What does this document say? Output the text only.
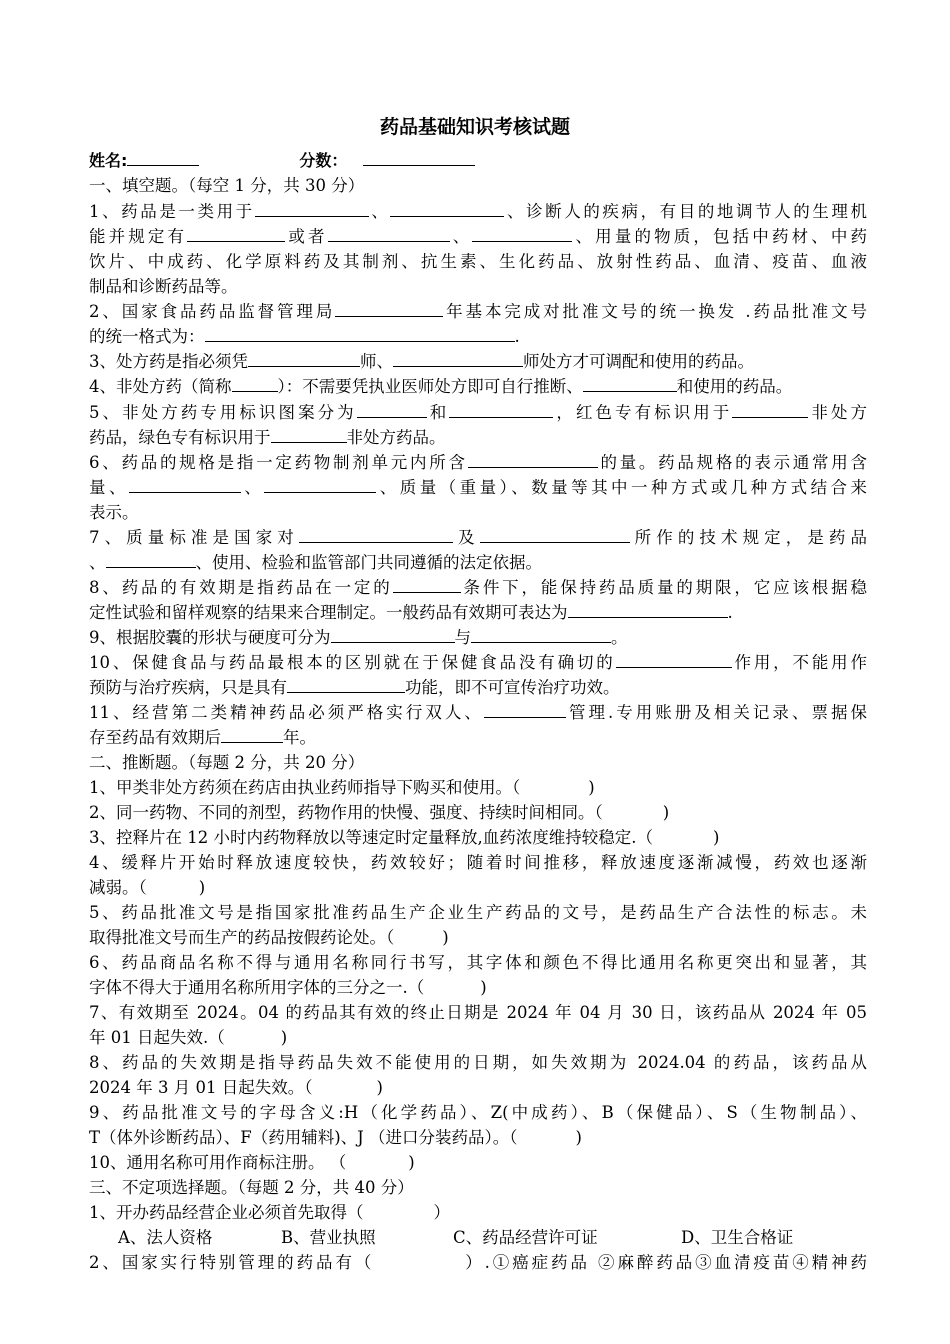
药品基础知识考核试题
姓名:	分数：
一、填空题。（每空 1 分，共 30 分）
1、药品是一类用于	、	、诊断人的疾病，有目的地调节人的生理机
能并规定有	或者	、	、用量的物质，包括中药材、中药
饮片、中成药、化学原料药及其制剂、抗生素、生化药品、放射性药品、血清、疫苗、血液
制品和诊断药品等。
2、国家食品药品监督管理局	年基本完成对批准文号的统一换发 .药品批准文号
的统一格式为：	.
3、处方药是指必须凭	师、	师处方才可调配和使用的药品。
4、非处方药（简称	）：不需要凭执业医师处方即可自行推断、	和使用的药品。
5、非处方药专用标识图案分为	和	，红色专有标识用于	非处方
药品，绿色专有标识用于	非处方药品。
6、药品的规格是指一定药物制剂单元内所含	的量。药品规格的表示通常用含
量、	、	、质量（重量）、数量等其中一种方式或几种方式结合来
表示。
7、质量标准是国家对	及	所作的技术规定，是药品
、	、使用、检验和监管部门共同遵循的法定依据。
8、药品的有效期是指药品在一定的	条件下，能保持药品质量的期限，它应该根据稳
定性试验和留样观察的结果来合理制定。一般药品有效期可表达为	.
9、根据胶囊的形状与硬度可分为	与	。
10、保健食品与药品最根本的区别就在于保健食品没有确切的	作用，不能用作
预防与治疗疾病，只是具有	功能，即不可宣传治疗功效。
11、经营第二类精神药品必须严格实行双人、	管理.专用账册及相关记录、票据保
存至药品有效期后	年。
二、推断题。（每题 2 分，共 20 分）
1、甲类非处方药须在药店由执业药师指导下购买和使用。（	)
2、同一药物、不同的剂型，药物作用的快慢、强度、持续时间相同。（	)
3、控释片在 12 小时内药物释放以等速定时定量释放,血药浓度维持较稳定.（	)
4、缓释片开始时释放速度较快，药效较好；随着时间推移，释放速度逐渐减慢，药效也逐渐
减弱。（	)
5、药品批准文号是指国家批准药品生产企业生产药品的文号，是药品生产合法性的标志。未
取得批准文号而生产的药品按假药论处。（	)
6、药品商品名称不得与通用名称同行书写，其字体和颜色不得比通用名称更突出和显著，其
字体不得大于通用名称所用字体的三分之一.（	)
7、有效期至 2024。04 的药品其有效的终止日期是 2024 年 04 月 30 日，该药品从 2024 年 05
年 01 日起失效.（	)
8、药品的失效期是指导药品失效不能使用的日期，如失效期为 2024.04 的药品，该药品从
2024 年 3 月 01 日起失效。（	)
9、药品批准文号的字母含义:H（化学药品）、Z(中成药）、B（保健品）、S（生物制品）、
T（体外诊断药品）、F（药用辅料)、J （进口分装药品）。（	)
10、通用名称可用作商标注册。 （	)
三、不定项选择题。（每题 2 分，共 40 分）
1、开办药品经营企业必须首先取得（	）
A、法人资格	B、营业执照	C、药品经营许可证	D、卫生合格证
2、国家实行特别管理的药品有（	）.①癌症药品 ②麻醉药品③血清疫苗④精神药
